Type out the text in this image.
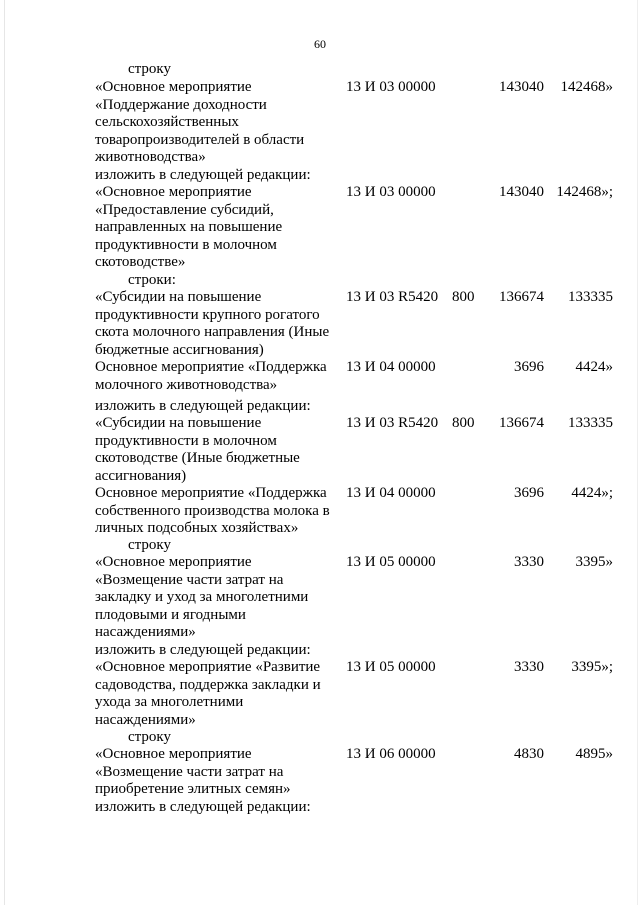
60
строку
«Основное мероприятие
«Поддержание доходности
сельскохозяйственных
товаропроизводителей в области
животноводства»
13 И 03 00000	143040 142468»
изложить в следующей редакции:
«Основное мероприятие
«Предоставление субсидий,
направленных на повышение
продуктивности в молочном
скотоводстве»
13 И 03 00000	143040 142468»;
строки:
«Субсидии на повышение
продуктивности крупного рогатого
скота молочного направления (Иные
бюджетные ассигнования)
13 И 03 R5420 800 136674 133335
Основное мероприятие «Поддержка
молочного животноводства»
13 И 04 00000	3696 4424»
изложить в следующей редакции:
«Субсидии на повышение
продуктивности в молочном
скотоводстве (Иные бюджетные
ассигнования)
13 И 03 R5420 800 136674 133335
Основное мероприятие «Поддержка
собственного производства молока в
личных подсобных хозяйствах»
13 И 04 00000	3696 4424»;
строку
«Основное мероприятие
«Возмещение части затрат на
закладку и уход за многолетними
плодовыми и ягодными
насаждениями»
13 И 05 00000	3330 3395»
изложить в следующей редакции:
«Основное мероприятие «Развитие
садоводства, поддержка закладки и
ухода за многолетними
насаждениями»
13 И 05 00000	3330 3395»;
строку
«Основное мероприятие
«Возмещение части затрат на
приобретение элитных семян»
13 И 06 00000	4830 4895»
изложить в следующей редакции:
